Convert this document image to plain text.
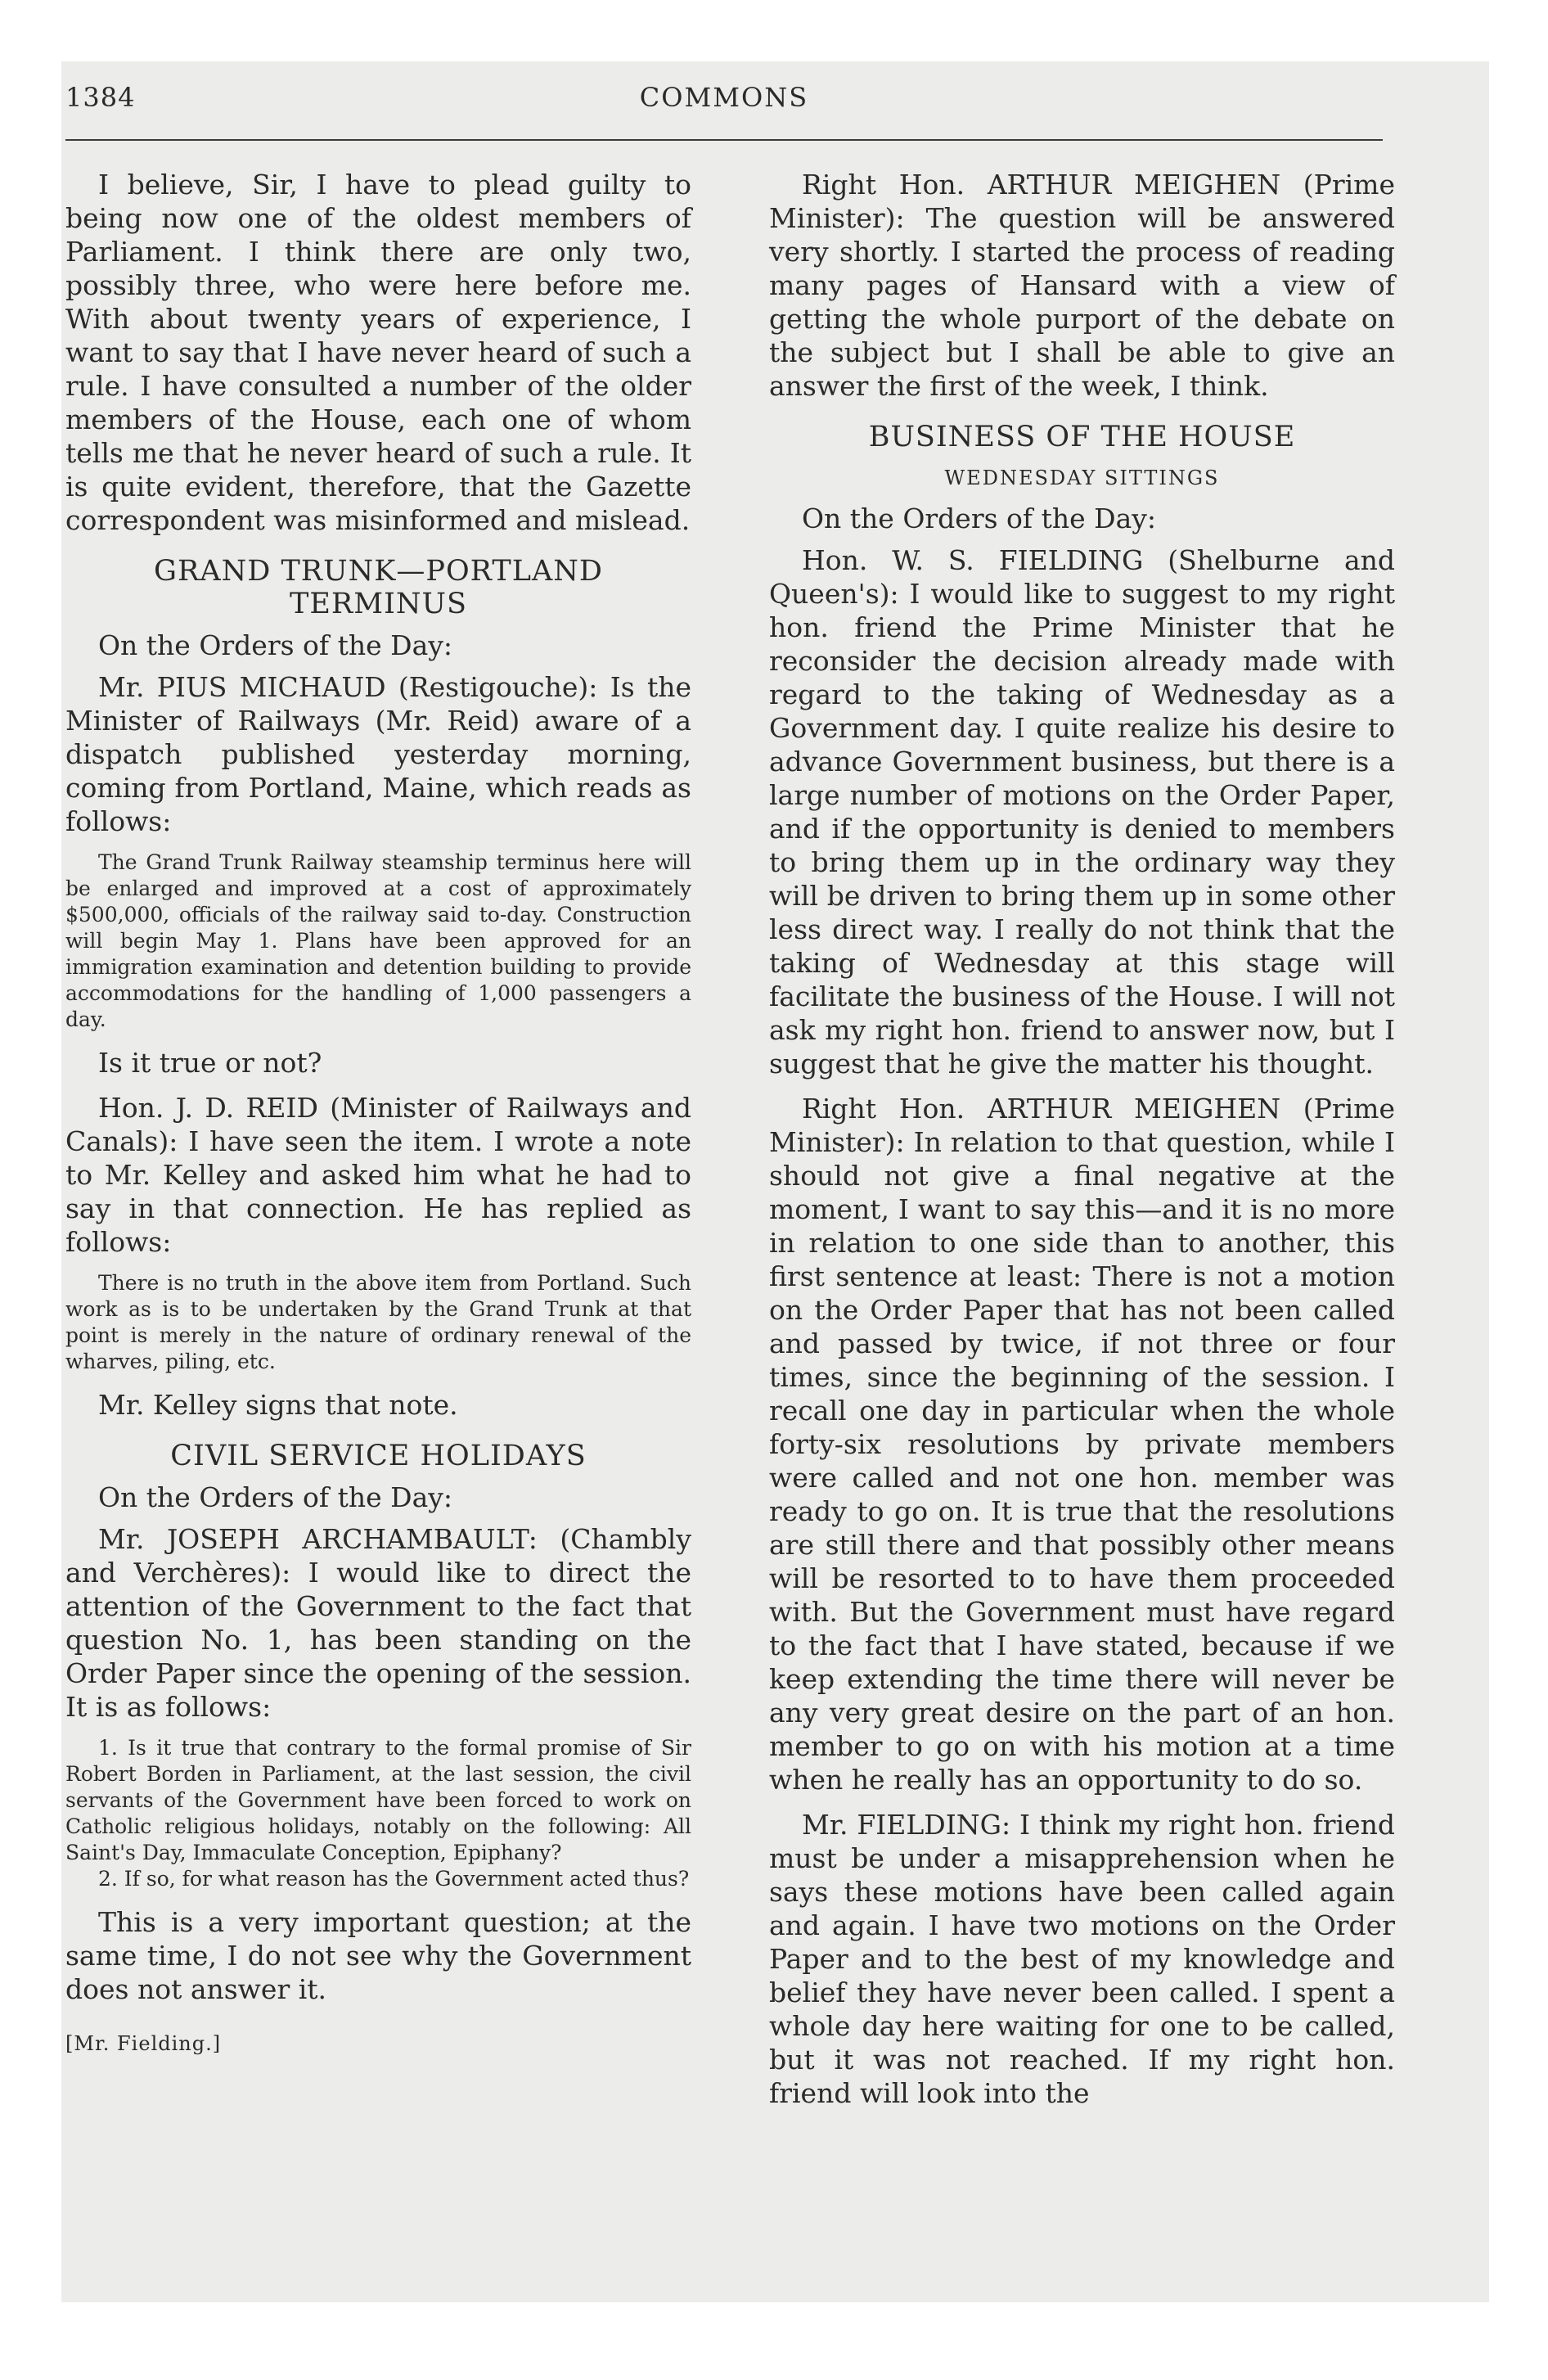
1384	COMMONS

I believe, Sir, I have to plead guilty to being now one of the oldest members of Parliament. I think there are only two, possibly three, who were here before me. With about twenty years of experience, I want to say that I have never heard of such a rule. I have consulted a number of the older members of the House, each one of whom tells me that he never heard of such a rule. It is quite evident, therefore, that the Gazette correspondent was misinformed and mislead.

GRAND TRUNK—PORTLAND
TERMINUS

On the Orders of the Day:

Mr. PIUS MICHAUD (Restigouche): Is the Minister of Railways (Mr. Reid) aware of a dispatch published yesterday morning, coming from Portland, Maine, which reads as follows:

The Grand Trunk Railway steamship terminus here will be enlarged and improved at a cost of approximately $500,000, officials of the railway said to-day. Construction will begin May 1. Plans have been approved for an immigration examination and detention building to provide accommodations for the handling of 1,000 passengers a day.

Is it true or not?

Hon. J. D. REID (Minister of Railways and Canals): I have seen the item. I wrote a note to Mr. Kelley and asked him what he had to say in that connection. He has replied as follows:

There is no truth in the above item from Portland. Such work as is to be undertaken by the Grand Trunk at that point is merely in the nature of ordinary renewal of the wharves, piling, etc.

Mr. Kelley signs that note.

CIVIL SERVICE HOLIDAYS

On the Orders of the Day:

Mr. JOSEPH ARCHAMBAULT: (Chambly and Verchères): I would like to direct the attention of the Government to the fact that question No. 1, has been standing on the Order Paper since the opening of the session. It is as follows:

1. Is it true that contrary to the formal promise of Sir Robert Borden in Parliament, at the last session, the civil servants of the Government have been forced to work on Catholic religious holidays, notably on the following: All Saint's Day, Immaculate Conception, Epiphany?
2. If so, for what reason has the Government acted thus?

This is a very important question; at the same time, I do not see why the Government does not answer it.

[Mr. Fielding.]

Right Hon. ARTHUR MEIGHEN (Prime Minister): The question will be answered very shortly. I started the process of reading many pages of Hansard with a view of getting the whole purport of the debate on the subject but I shall be able to give an answer the first of the week, I think.

BUSINESS OF THE HOUSE
WEDNESDAY SITTINGS

On the Orders of the Day:

Hon. W. S. FIELDING (Shelburne and Queen's): I would like to suggest to my right hon. friend the Prime Minister that he reconsider the decision already made with regard to the taking of Wednesday as a Government day. I quite realize his desire to advance Government business, but there is a large number of motions on the Order Paper, and if the opportunity is denied to members to bring them up in the ordinary way they will be driven to bring them up in some other less direct way. I really do not think that the taking of Wednesday at this stage will facilitate the business of the House. I will not ask my right hon. friend to answer now, but I suggest that he give the matter his thought.

Right Hon. ARTHUR MEIGHEN (Prime Minister): In relation to that question, while I should not give a final negative at the moment, I want to say this—and it is no more in relation to one side than to another, this first sentence at least: There is not a motion on the Order Paper that has not been called and passed by twice, if not three or four times, since the beginning of the session. I recall one day in particular when the whole forty-six resolutions by private members were called and not one hon. member was ready to go on. It is true that the resolutions are still there and that possibly other means will be resorted to to have them proceeded with. But the Government must have regard to the fact that I have stated, because if we keep extending the time there will never be any very great desire on the part of an hon. member to go on with his motion at a time when he really has an opportunity to do so.

Mr. FIELDING: I think my right hon. friend must be under a misapprehension when he says these motions have been called again and again. I have two motions on the Order Paper and to the best of my knowledge and belief they have never been called. I spent a whole day here waiting for one to be called, but it was not reached. If my right hon. friend will look into the
